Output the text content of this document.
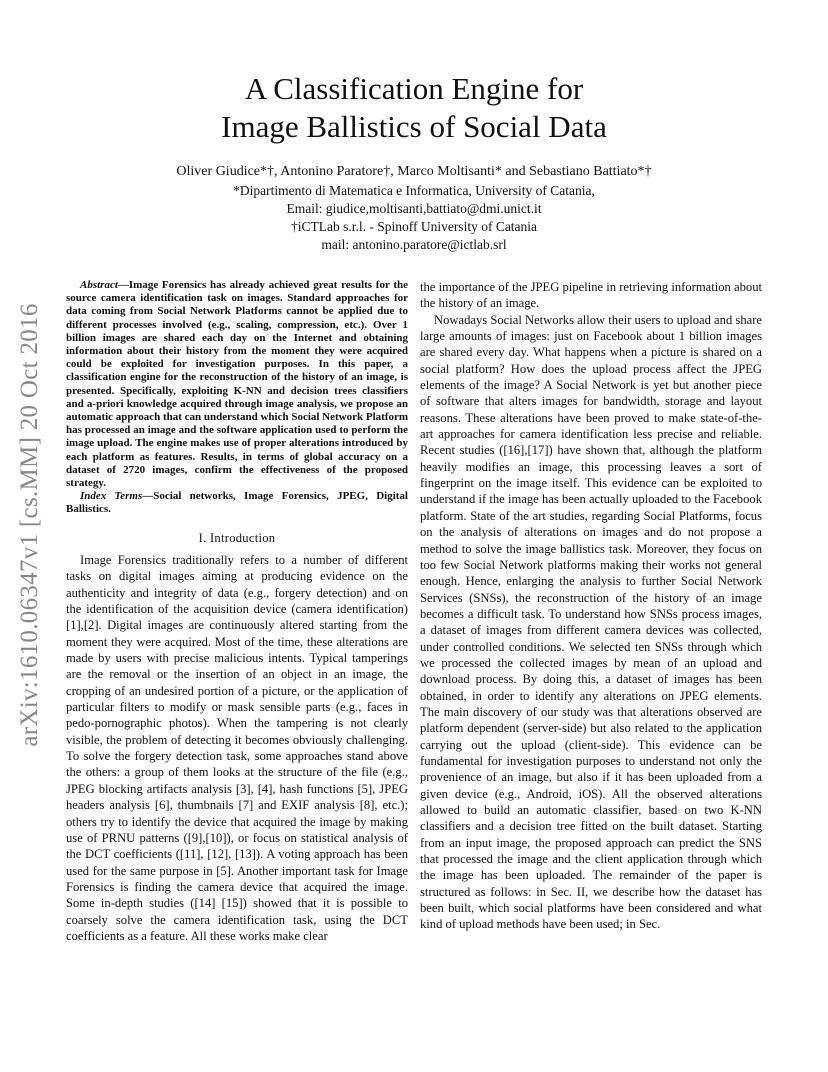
arXiv:1610.06347v1 [cs.MM] 20 Oct 2016
A Classification Engine for
Image Ballistics of Social Data
Oliver Giudice*†, Antonino Paratore†, Marco Moltisanti* and Sebastiano Battiato*†
*Dipartimento di Matematica e Informatica, University of Catania,
Email: giudice,moltisanti,battiato@dmi.unict.it
†iCTLab s.r.l. - Spinoff University of Catania
mail: antonino.paratore@ictlab.srl

Abstract—Image Forensics has already achieved great results for the source camera identification task on images. Standard approaches for data coming from Social Network Platforms cannot be applied due to different processes involved (e.g., scaling, compression, etc.). Over 1 billion images are shared each day on the Internet and obtaining information about their history from the moment they were acquired could be exploited for investigation purposes. In this paper, a classification engine for the reconstruction of the history of an image, is presented. Specifically, exploiting K-NN and decision trees classifiers and a-priori knowledge acquired through image analysis, we propose an automatic approach that can understand which Social Network Platform has processed an image and the software application used to perform the image upload. The engine makes use of proper alterations introduced by each platform as features. Results, in terms of global accuracy on a dataset of 2720 images, confirm the effectiveness of the proposed strategy.

Index Terms—Social networks, Image Forensics, JPEG, Digital Ballistics.

I. Introduction

Image Forensics traditionally refers to a number of different tasks on digital images aiming at producing evidence on the authenticity and integrity of data (e.g., forgery detection) and on the identification of the acquisition device (camera identification) [1],[2]. Digital images are continuously altered starting from the moment they were acquired. Most of the time, these alterations are made by users with precise malicious intents. Typical tamperings are the removal or the insertion of an object in an image, the cropping of an undesired portion of a picture, or the application of particular filters to modify or mask sensible parts (e.g., faces in pedo-pornographic photos). When the tampering is not clearly visible, the problem of detecting it becomes obviously challenging. To solve the forgery detection task, some approaches stand above the others: a group of them looks at the structure of the file (e.g., JPEG blocking artifacts analysis [3], [4], hash functions [5], JPEG headers analysis [6], thumbnails [7] and EXIF analysis [8], etc.); others try to identify the device that acquired the image by making use of PRNU patterns ([9],[10]), or focus on statistical analysis of the DCT coefficients ([11], [12], [13]). A voting approach has been used for the same purpose in [5]. Another important task for Image Forensics is finding the camera device that acquired the image. Some in-depth studies ([14] [15]) showed that it is possible to coarsely solve the camera identification task, using the DCT coefficients as a feature. All these works make clear

the importance of the JPEG pipeline in retrieving information about the history of an image.

Nowadays Social Networks allow their users to upload and share large amounts of images: just on Facebook about 1 billion images are shared every day. What happens when a picture is shared on a social platform? How does the upload process affect the JPEG elements of the image? A Social Network is yet but another piece of software that alters images for bandwidth, storage and layout reasons. These alterations have been proved to make state-of-the-art approaches for camera identification less precise and reliable. Recent studies ([16],[17]) have shown that, although the platform heavily modifies an image, this processing leaves a sort of fingerprint on the image itself. This evidence can be exploited to understand if the image has been actually uploaded to the Facebook platform. State of the art studies, regarding Social Platforms, focus on the analysis of alterations on images and do not propose a method to solve the image ballistics task. Moreover, they focus on too few Social Network platforms making their works not general enough. Hence, enlarging the analysis to further Social Network Services (SNSs), the reconstruction of the history of an image becomes a difficult task. To understand how SNSs process images, a dataset of images from different camera devices was collected, under controlled conditions. We selected ten SNSs through which we processed the collected images by mean of an upload and download process. By doing this, a dataset of images has been obtained, in order to identify any alterations on JPEG elements. The main discovery of our study was that alterations observed are platform dependent (server-side) but also related to the application carrying out the upload (client-side). This evidence can be fundamental for investigation purposes to understand not only the provenience of an image, but also if it has been uploaded from a given device (e.g., Android, iOS). All the observed alterations allowed to build an automatic classifier, based on two K-NN classifiers and a decision tree fitted on the built dataset. Starting from an input image, the proposed approach can predict the SNS that processed the image and the client application through which the image has been uploaded. The remainder of the paper is structured as follows: in Sec. II, we describe how the dataset has been built, which social platforms have been considered and what kind of upload methods have been used; in Sec.
